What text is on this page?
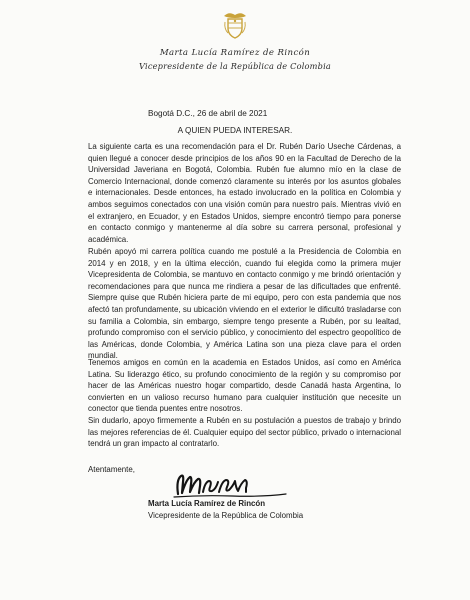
Marta Lucía Ramírez de Rincón
Vicepresidente de la República de Colombia
Bogotá D.C., 26 de abril de 2021
A QUIEN PUEDA INTERESAR.

La siguiente carta es una recomendación para el Dr. Rubén Darío Useche Cárdenas, a quien llegué a conocer desde principios de los años 90 en la Facultad de Derecho de la Universidad Javeriana en Bogotá, Colombia. Rubén fue alumno mío en la clase de Comercio Internacional, donde comenzó claramente su interés por los asuntos globales e internacionales. Desde entonces, ha estado involucrado en la política en Colombia y ambos seguimos conectados con una visión común para nuestro país. Mientras vivió en el extranjero, en Ecuador, y en Estados Unidos, siempre encontró tiempo para ponerse en contacto conmigo y mantenerme al día sobre su carrera personal, profesional y académica.

Rubén apoyó mi carrera política cuando me postulé a la Presidencia de Colombia en 2014 y en 2018, y en la última elección, cuando fui elegida como la primera mujer Vicepresidenta de Colombia, se mantuvo en contacto conmigo y me brindó orientación y recomendaciones para que nunca me rindiera a pesar de las dificultades que enfrenté. Siempre quise que Rubén hiciera parte de mi equipo, pero con esta pandemia que nos afectó tan profundamente, su ubicación viviendo en el exterior le dificultó trasladarse con su familia a Colombia, sin embargo, siempre tengo presente a Rubén, por su lealtad, profundo compromiso con el servicio público, y conocimiento del espectro geopolítico de las Américas, donde Colombia, y América Latina son una pieza clave para el orden mundial.

Tenemos amigos en común en la academia en Estados Unidos, así como en América Latina. Su liderazgo ético, su profundo conocimiento de la región y su compromiso por hacer de las Américas nuestro hogar compartido, desde Canadá hasta Argentina, lo convierten en un valioso recurso humano para cualquier institución que necesite un conector que tienda puentes entre nosotros.

Sin dudarlo, apoyo firmemente a Rubén en su postulación a puestos de trabajo y brindo las mejores referencias de él. Cualquier equipo del sector público, privado o internacional tendrá un gran impacto al contratarlo.

Atentamente,
Marta Lucía Ramírez de Rincón
Vicepresidente de la República de Colombia
